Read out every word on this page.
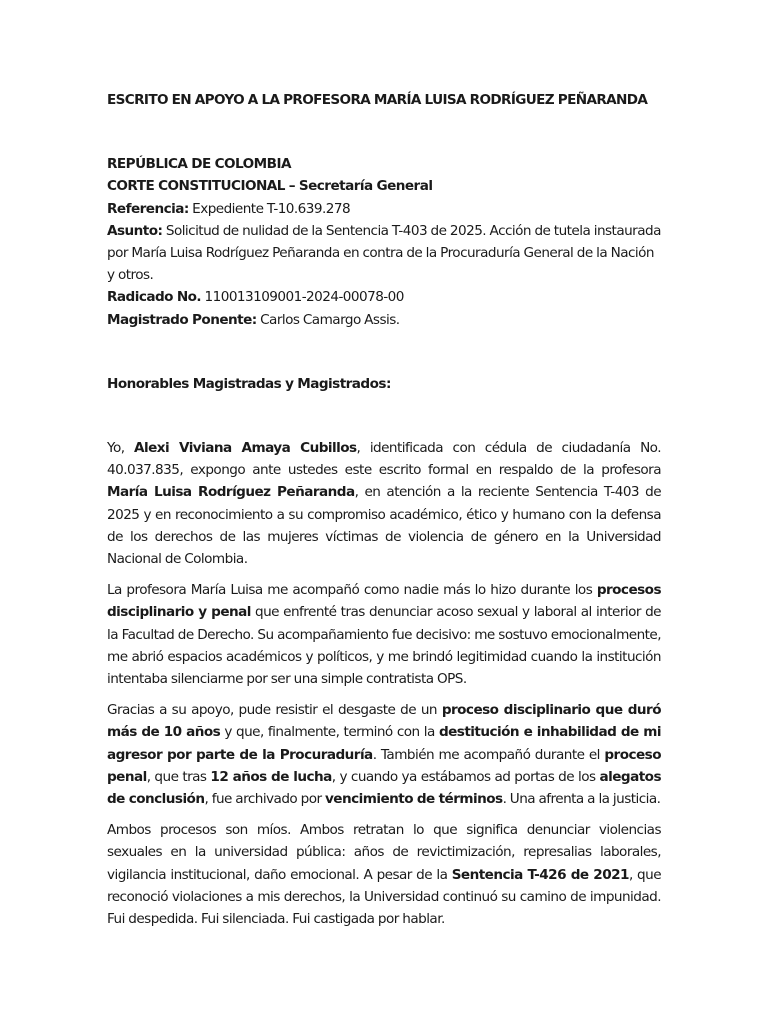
ESCRITO EN APOYO A LA PROFESORA MARÍA LUISA RODRÍGUEZ PEÑARANDA

REPÚBLICA DE COLOMBIA
CORTE CONSTITUCIONAL – Secretaría General
Referencia: Expediente T-10.639.278

Asunto: Solicitud de nulidad de la Sentencia T-403 de 2025. Acción de tutela instaurada por María Luisa Rodríguez Peñaranda en contra de la Procuraduría General de la Nación y otros.

Radicado No. 110013109001-2024-00078-00
Magistrado Ponente: Carlos Camargo Assis.

Honorables Magistradas y Magistrados:

Yo, Alexi Viviana Amaya Cubillos, identificada con cédula de ciudadanía No. 40.037.835, expongo ante ustedes este escrito formal en respaldo de la profesora María Luisa Rodríguez Peñaranda, en atención a la reciente Sentencia T-403 de 2025 y en reconocimiento a su compromiso académico, ético y humano con la defensa de los derechos de las mujeres víctimas de violencia de género en la Universidad Nacional de Colombia.

La profesora María Luisa me acompañó como nadie más lo hizo durante los procesos disciplinario y penal que enfrenté tras denunciar acoso sexual y laboral al interior de la Facultad de Derecho. Su acompañamiento fue decisivo: me sostuvo emocionalmente, me abrió espacios académicos y políticos, y me brindó legitimidad cuando la institución intentaba silenciarme por ser una simple contratista OPS.

Gracias a su apoyo, pude resistir el desgaste de un proceso disciplinario que duró más de 10 años y que, finalmente, terminó con la destitución e inhabilidad de mi agresor por parte de la Procuraduría. También me acompañó durante el proceso penal, que tras 12 años de lucha, y cuando ya estábamos ad portas de los alegatos de conclusión, fue archivado por vencimiento de términos. Una afrenta a la justicia.

Ambos procesos son míos. Ambos retratan lo que significa denunciar violencias sexuales en la universidad pública: años de revictimización, represalias laborales, vigilancia institucional, daño emocional. A pesar de la Sentencia T-426 de 2021, que reconoció violaciones a mis derechos, la Universidad continuó su camino de impunidad. Fui despedida. Fui silenciada. Fui castigada por hablar.
